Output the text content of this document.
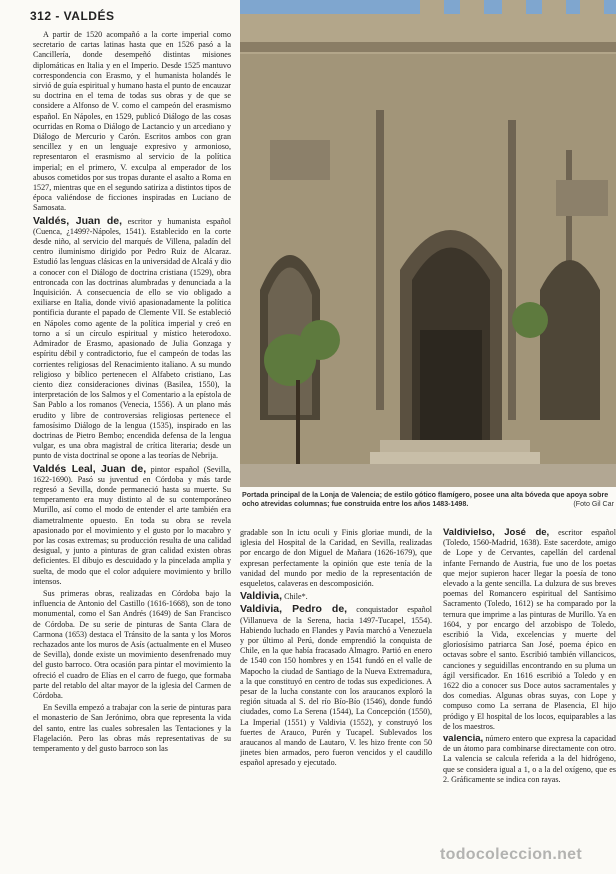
312 - VALDÉS

A partir de 1520 acompañó a la corte imperial como secretario de cartas latinas hasta que en 1526 pasó a la Cancillería, donde desempeñó distintas misiones diplomáticas en Italia y en el Imperio. Desde 1525 mantuvo correspondencia con Erasmo, y el humanista holandés le sirvió de guía espiritual y humano hasta el punto de encauzar su doctrina en el tema de todas sus obras y de que se considere a Alfonso de V. como el campeón del erasmismo español. En Nápoles, en 1529, publicó Diálogo de las cosas ocurridas en Roma o Diálogo de Lactancio y un arcediano y Diálogo de Mercurio y Carón. Escritos ambos con gran sencillez y en un lenguaje expresivo y armonioso, representaron el erasmismo al servicio de la política imperial; en el primero, V. exculpa al emperador de los abusos cometidos por sus tropas durante el asalto a Roma en 1527, mientras que en el segundo satiriza a distintos tipos de época valiéndose de ficciones inspiradas en Luciano de Samosata.

Valdés, Juan de, escritor y humanista español (Cuenca, ¿1499?-Nápoles, 1541). Establecido en la corte desde niño, al servicio del marqués de Villena, paladín del centro iluminismo dirigido por Pedro Ruiz de Alcaraz. Estudió las lenguas clásicas en la universidad de Alcalá y dio a conocer con el Diálogo de doctrina cristiana (1529), obra entroncada con las doctrinas alumbradas y denunciada a la Inquisición. A consecuencia de ello se vio obligado a exiliarse en Italia, donde vivió apasionadamente la política pontificia durante el papado de Clemente VII. Se estableció en Nápoles como agente de la política imperial y creó en torno a sí un círculo espiritual y místico heterodoxo. Admirador de Erasmo, apasionado de Julia Gonzaga y espíritu débil y contradictorio, fue el campeón de todas las corrientes religiosas del Renacimiento italiano. A su mundo religioso y bíblico pertenecen el Alfabeto cristiano, Las ciento diez consideraciones divinas (Basilea, 1550), la interpretación de los Salmos y el Comentario a la epístola de San Pablo a los romanos (Venecia, 1556). A un plano más erudito y libre de controversias religiosas pertenece el famosísimo Diálogo de la lengua (1535), inspirado en las doctrinas de Pietro Bembo; encendida defensa de la lengua vulgar, es una obra magistral de crítica literaria; desde un punto de vista doctrinal se opone a las teorías de Nebrija.

Valdés Leal, Juan de, pintor español (Sevilla, 1622-1690). Pasó su juventud en Córdoba y más tarde regresó a Sevilla, donde permaneció hasta su muerte. Su temperamento era muy distinto al de su contemporáneo Murillo, así como el modo de entender el arte también era diametralmente opuesto. En toda su obra se revela apasionado por el movimiento y el gusto por lo macabro y por las cosas extremas; su producción resulta de una calidad desigual, y junto a pinturas de gran calidad existen obras deficientes. El dibujo es descuidado y la pincelada amplia y suelta, de modo que el color adquiere movimiento y brillo intensos.

Sus primeras obras, realizadas en Córdoba bajo la influencia de Antonio del Castillo (1616-1668), son de tono monumental, como el San Andrés (1649) de San Francisco de Córdoba. De su serie de pinturas de Santa Clara de Carmona (1653) destaca el Tránsito de la santa y los Moros rechazados ante los muros de Asís (actualmente en el Museo de Sevilla), donde existe un movimiento desenfrenado muy del gusto barroco. Otra ocasión para pintar el movimiento la ofreció el cuadro de Elías en el carro de fuego, que formaba parte del retablo del altar mayor de la iglesia del Carmen de Córdoba.

En Sevilla empezó a trabajar con la serie de pinturas para el monasterio de San Jerónimo, obra que representa la vida del santo, entre las cuales sobresalen las Tentaciones y la Flagelación. Pero las obras más representativas de su temperamento y del gusto barroco son las

Portada principal de la Lonja de Valencia; de estilo gótico flamígero, posee una alta bóveda que apoya sobre ocho atrevidas columnas; fue construida entre los años 1483-1498.	(Foto Gil Car

gradable son In ictu oculi y Finis gloriae mundi, de la iglesia del Hospital de la Caridad, en Sevilla, realizadas por encargo de don Miguel de Mañara (1626-1679), que expresan perfectamente la opinión que este tenía de la vanidad del mundo por medio de la representación de esqueletos, calaveras en descomposición.

Valdivia, Chile*.

Valdivia, Pedro de, conquistador español (Villanueva de la Serena, hacia 1497-Tucapel, 1554). Habiendo luchado en Flandes y Pavía marchó a Venezuela y por último al Perú, donde emprendió la conquista de Chile, en la que había fracasado Almagro. Partió en enero de 1540 con 150 hombres y en 1541 fundó en el valle de Mapocho la ciudad de Santiago de la Nueva Extremadura, a la que constituyó en centro de todas sus expediciones. A pesar de la lucha constante con los araucanos exploró la región situada al S. del río Bío-Bío (1546), donde fundó ciudades, como La Serena (1544), La Concepción (1550), La Imperial (1551) y Valdivia (1552), y construyó los fuertes de Arauco, Purén y Tucapel. Sublevados los araucanos al mando de Lautaro, V. les hizo frente con 50 jinetes bien armados, pero fueron vencidos y el caudillo español apresado y ejecutado.

Valdivielso, José de, escritor español (Toledo, 1560-Madrid, 1638). Este sacerdote, amigo de Lope y de Cervantes, capellán del cardenal infante Fernando de Austria, fue uno de los poetas que mejor supieron hacer llegar la poesía de tono elevado a la gente sencilla. La dulzura de sus breves poemas del Romancero espiritual del Santísimo Sacramento (Toledo, 1612) se ha comparado por la ternura que imprime a las pinturas de Murillo. Ya en 1604, y por encargo del arzobispo de Toledo, escribió la Vida, excelencias y muerte del gloriosísimo patriarca San José, poema épico en octavas sobre el santo. Escribió también villancicos, canciones y seguidillas encontrando en su pluma un ágil versificador. En 1616 escribió a Toledo y en 1622 dio a conocer sus Doce autos sacramentales y dos comedias. Algunas obras suyas, con Lope y compuso como La serrana de Plasencia, El hijo pródigo y El hospital de los locos, equiparables a las de los maestros.

valencia, número entero que expresa la capacidad de un átomo para combinarse directamente con otro. La valencia se calcula referida a la del hidrógeno, que se considera igual a 1, o a la del oxígeno, que es 2. Gráficamente se indica con rayas.

todocoleccion.net
